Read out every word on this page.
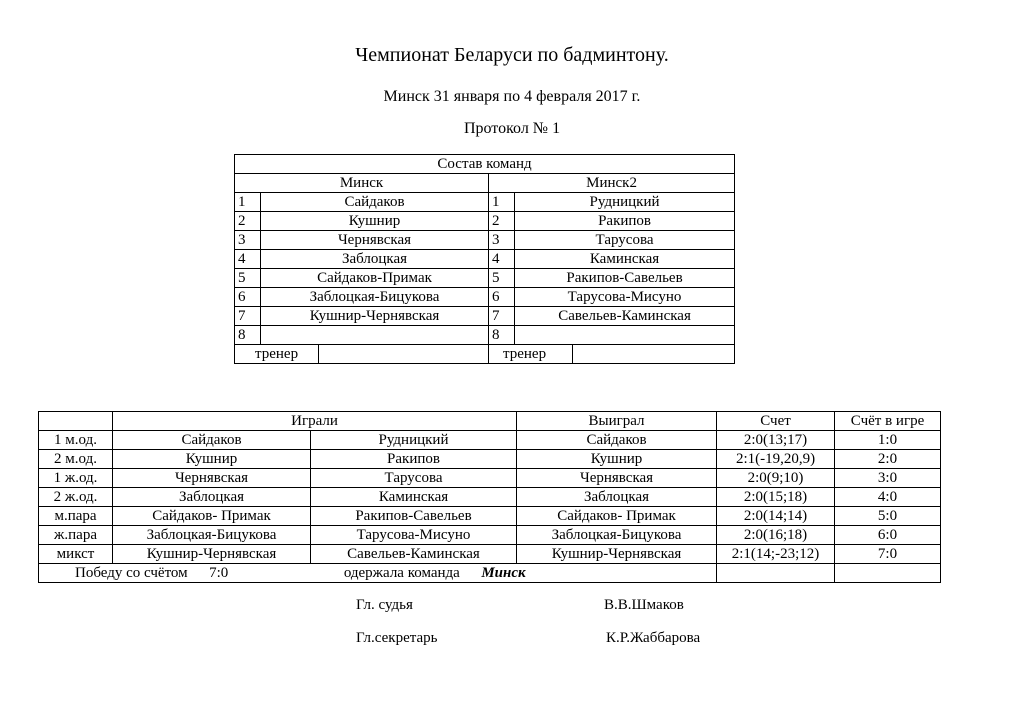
Чемпионат Беларуси по бадминтону.
Минск 31 января по 4 февраля 2017 г.
Протокол № 1
Состав команд					
Минск			Минск2		
1	Сайдаков		1	Рудницкий	
2	Кушнир		2	Ракипов	
3	Чернявская		3	Тарусова	
4	Заблоцкая		4	Каминская	
5	Сайдаков-Примак		5	Ракипов-Савельев	
6	Заблоцкая-Бицукова		6	Тарусова-Мисуно	
7	Кушнир-Чернявская		7	Савельев-Каминская	
8			8		
тренер			тренер		
	Играли		Выиграл	Счет	Счёт в игре
1 м.од.	Сайдаков	Рудницкий	Сайдаков	2:0(13;17)	1:0
2 м.од.	Кушнир	Ракипов	Кушнир	2:1(-19,20,9)	2:0
1 ж.од.	Чернявская	Тарусова	Чернявская	2:0(9;10)	3:0
2 ж.од.	Заблоцкая	Каминская	Заблоцкая	2:0(15;18)	4:0
м.пара	Сайдаков- Примак	Ракипов-Савельев	Сайдаков- Примак	2:0(14;14)	5:0
ж.пара	Заблоцкая-Бицукова	Тарусова-Мисуно	Заблоцкая-Бицукова	2:0(16;18)	6:0
микст	Кушнир-Чернявская	Савельев-Каминская	Кушнир-Чернявская	2:1(14;-23;12)	7:0
Победу со счётом 7:0 одержала команда Минск					
Гл. судья	В.В.Шмаков
Гл.секретарь	К.Р.Жаббарова
